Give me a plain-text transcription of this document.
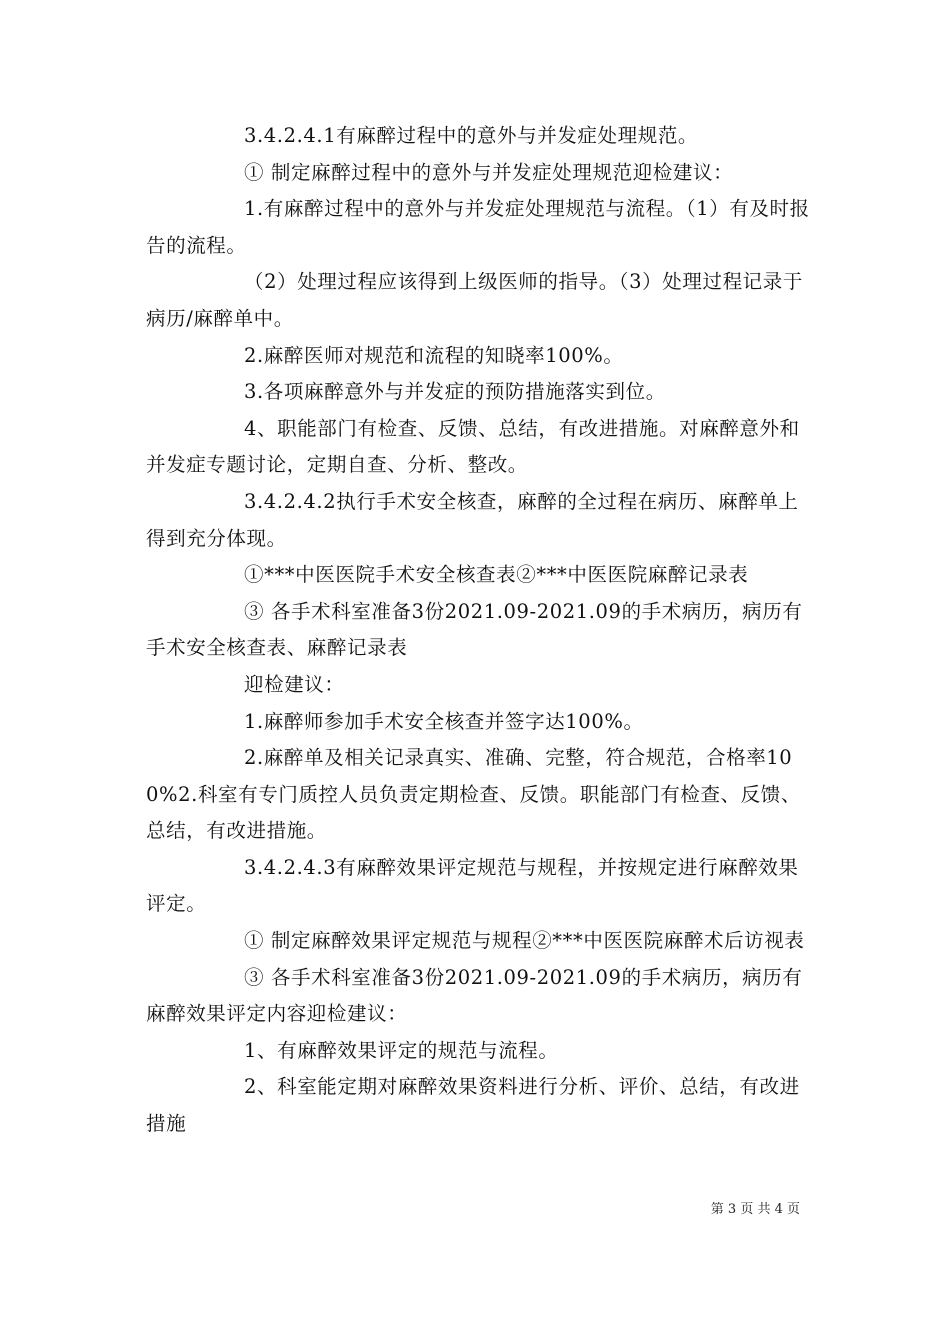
3.4.2.4.1有麻醉过程中的意外与并发症处理规范。

① 制定麻醉过程中的意外与并发症处理规范迎检建议：

1.有麻醉过程中的意外与并发症处理规范与流程。（1）有及时报告的流程。

（2）处理过程应该得到上级医师的指导。（3）处理过程记录于病历/麻醉单中。

2.麻醉医师对规范和流程的知晓率100%。

3.各项麻醉意外与并发症的预防措施落实到位。

4、职能部门有检查、反馈、总结，有改进措施。对麻醉意外和并发症专题讨论，定期自查、分析、整改。

3.4.2.4.2执行手术安全核查，麻醉的全过程在病历、麻醉单上得到充分体现。

①***中医医院手术安全核查表②***中医医院麻醉记录表

③ 各手术科室准备3份2021.09-2021.09的手术病历，病历有手术安全核查表、麻醉记录表

迎检建议：

1.麻醉师参加手术安全核查并签字达100%。

2.麻醉单及相关记录真实、准确、完整，符合规范，合格率100%2.科室有专门质控人员负责定期检查、反馈。职能部门有检查、反馈、总结，有改进措施。

3.4.2.4.3有麻醉效果评定规范与规程，并按规定进行麻醉效果评定。

① 制定麻醉效果评定规范与规程②***中医医院麻醉术后访视表

③ 各手术科室准备3份2021.09-2021.09的手术病历，病历有麻醉效果评定内容迎检建议：

1、有麻醉效果评定的规范与流程。

2、科室能定期对麻醉效果资料进行分析、评价、总结，有改进措施

第 3 页 共 4 页
